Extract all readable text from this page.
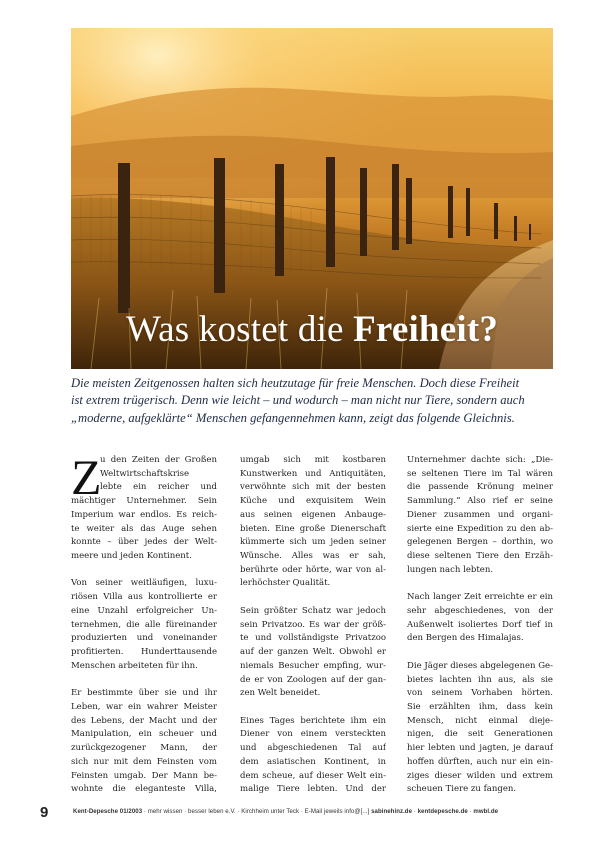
Was kostet die Freiheit?
Die meisten Zeitgenossen halten sich heutzutage für freie Menschen. Doch diese Freiheit
ist extrem trügerisch. Denn wie leicht – und wodurch – man nicht nur Tiere, sondern auch
„moderne, aufgeklärte“ Menschen gefangennehmen kann, zeigt das folgende Gleichnis.
Z
u den Zeiten der Großen
Weltwirtschaftskrise
lebte ein reicher und
mächtiger Unternehmer. Sein
Imperium war endlos. Es reich-
te weiter als das Auge sehen
konnte – über jedes der Welt-
meere und jeden Kontinent.
Von seiner weitläufigen, luxu-
riösen Villa aus kontrollierte er
eine Unzahl erfolgreicher Un-
ternehmen, die alle füreinander
produzierten und voneinander
profitierten. Hunderttausende
Menschen arbeiteten für ihn.
Er bestimmte über sie und ihr
Leben, war ein wahrer Meister
des Lebens, der Macht und der
Manipulation, ein scheuer und
zurückgezogener Mann, der
sich nur mit dem Feinsten vom
Feinsten umgab. Der Mann be-
wohnte die eleganteste Villa,
umgab sich mit kostbaren
Kunstwerken und Antiquitäten,
verwöhnte sich mit der besten
Küche und exquisitem Wein
aus seinen eigenen Anbauge-
bieten. Eine große Dienerschaft
kümmerte sich um jeden seiner
Wünsche. Alles was er sah,
berührte oder hörte, war von al-
lerhöchster Qualität.
Sein größter Schatz war jedoch
sein Privatzoo. Es war der größ-
te und vollständigste Privatzoo
auf der ganzen Welt. Obwohl er
niemals Besucher empfing, wur-
de er von Zoologen auf der gan-
zen Welt beneidet.
Eines Tages berichtete ihm ein
Diener von einem versteckten
und abgeschiedenen Tal auf
dem asiatischen Kontinent, in
dem scheue, auf dieser Welt ein-
malige Tiere lebten. Und der
Unternehmer dachte sich: „Die-
se seltenen Tiere im Tal wären
die passende Krönung meiner
Sammlung.“ Also rief er seine
Diener zusammen und organi-
sierte eine Expedition zu den ab-
gelegenen Bergen – dorthin, wo
diese seltenen Tiere den Erzäh-
lungen nach lebten.
Nach langer Zeit erreichte er ein
sehr abgeschiedenes, von der
Außenwelt isoliertes Dorf tief in
den Bergen des Himalajas.
Die Jäger dieses abgelegenen Ge-
bietes lachten ihn aus, als sie
von seinem Vorhaben hörten.
Sie erzählten ihm, dass kein
Mensch, nicht einmal dieje-
nigen, die seit Generationen
hier lebten und jagten, je darauf
hoffen dürften, auch nur ein ein-
ziges dieser wilden und extrem
scheuen Tiere zu fangen.
9	Kent-Depesche 01/2003 · mehr wissen · besser leben e.V. · Kirchheim unter Teck · E-Mail jeweils info@[...] sabinehinz.de · kentdepesche.de · mwbl.de
